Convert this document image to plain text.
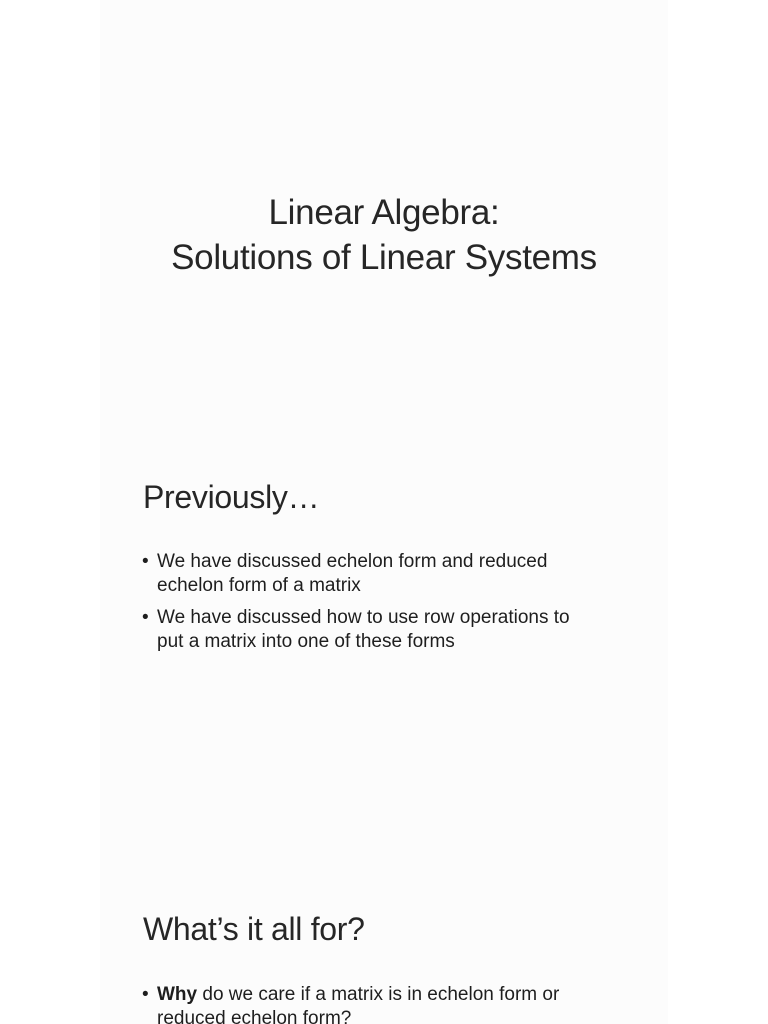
Linear Algebra:
Solutions of Linear Systems
Previously…
• We have discussed echelon form and reduced
echelon form of a matrix
• We have discussed how to use row operations to
put a matrix into one of these forms
What’s it all for?
• Why do we care if a matrix is in echelon form or
reduced echelon form?
